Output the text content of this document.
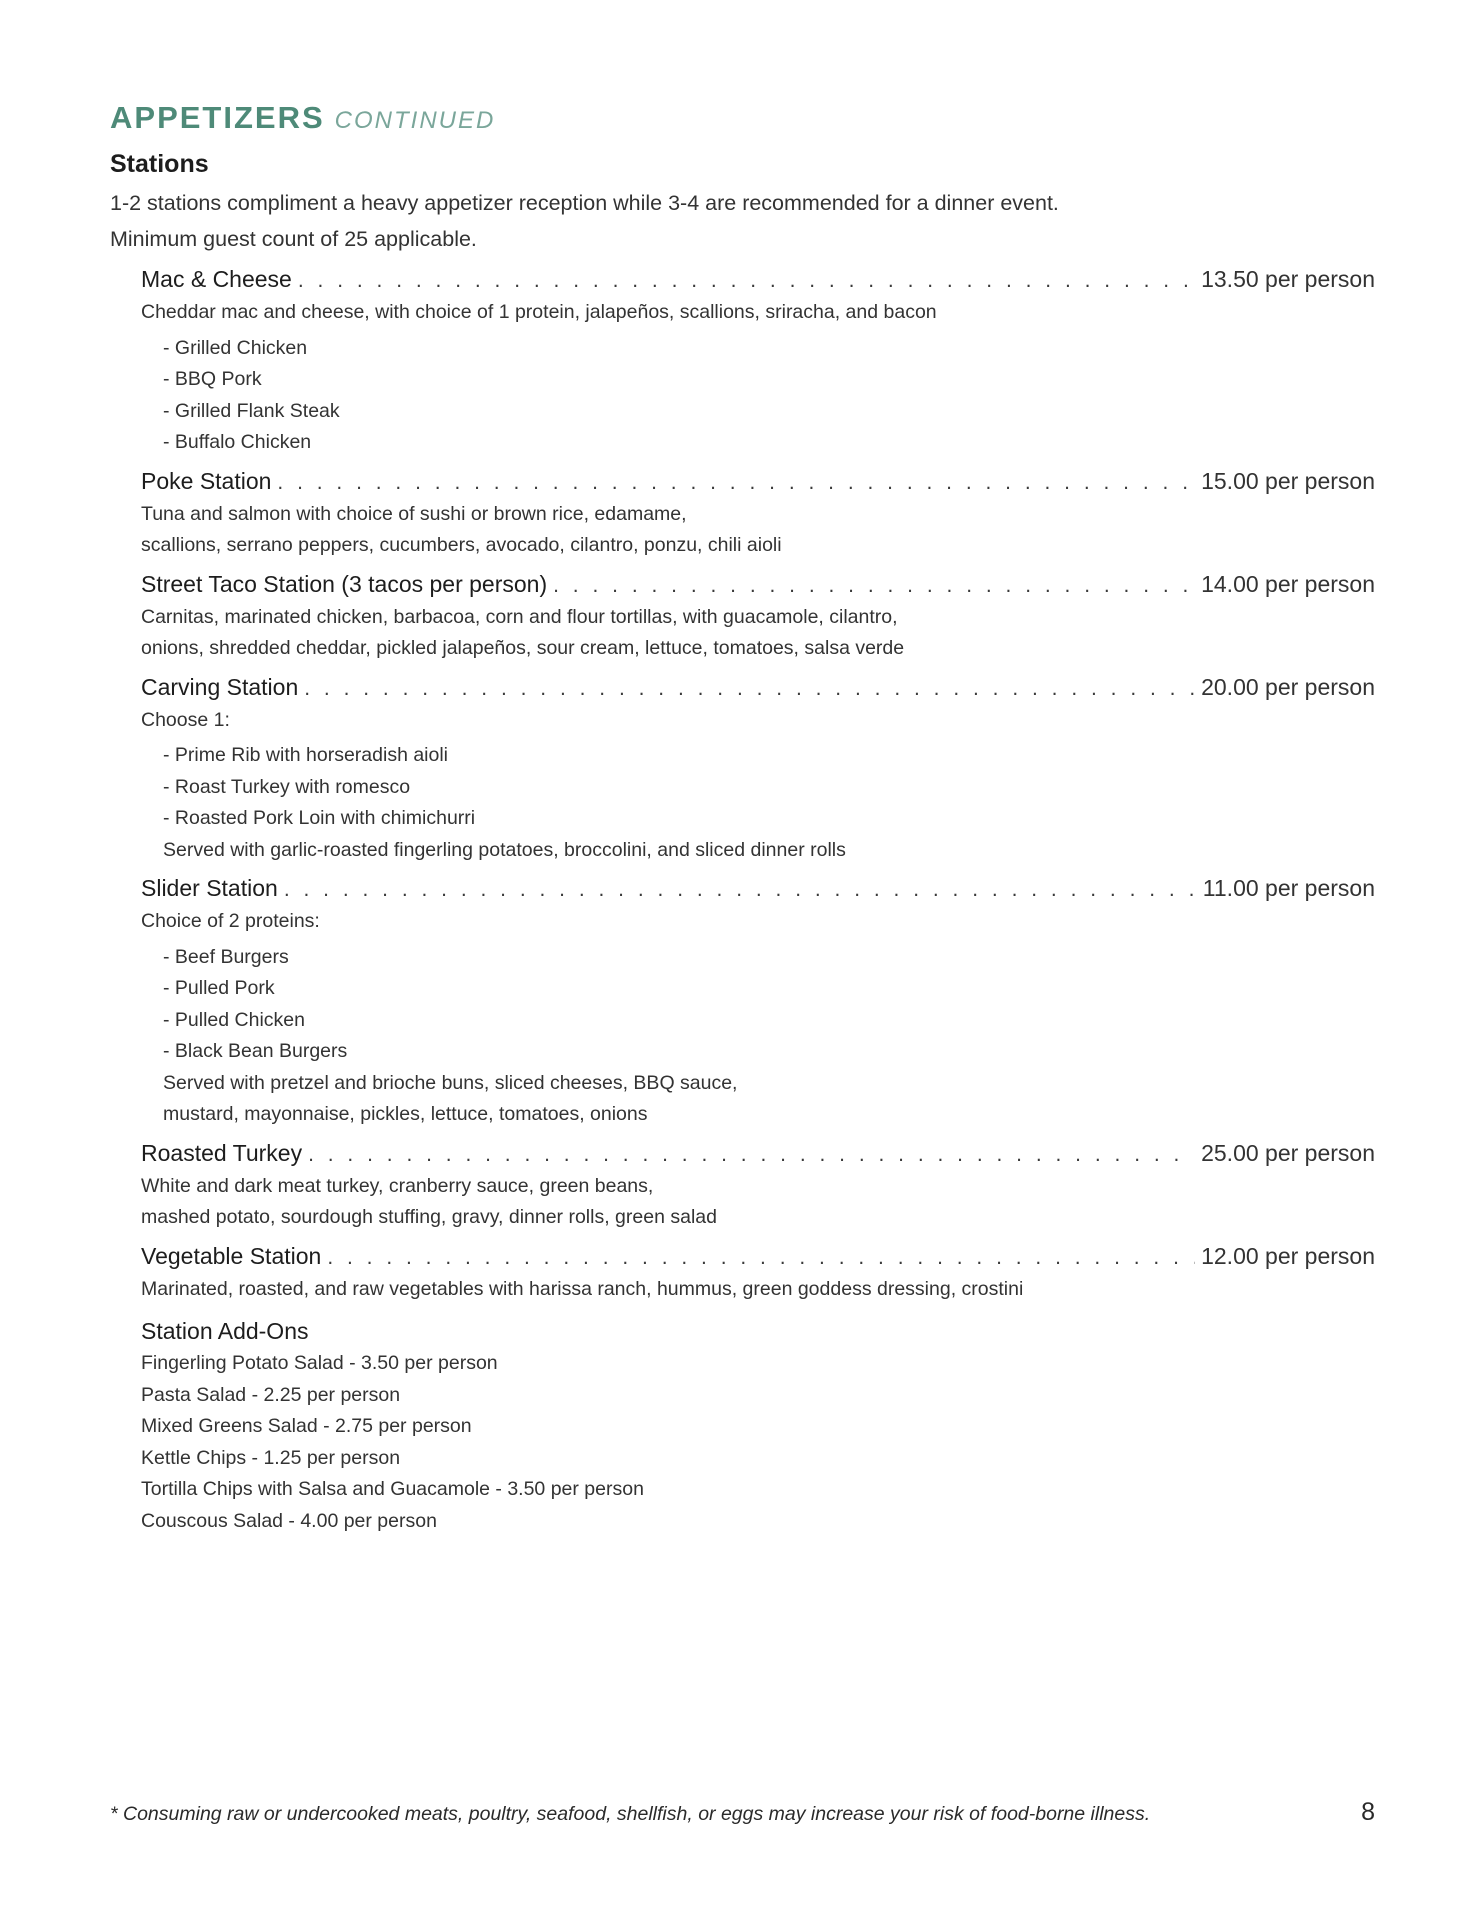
APPETIZERS CONTINUED
Stations
1-2 stations compliment a heavy appetizer reception while 3-4 are recommended for a dinner event.
Minimum guest count of 25 applicable.
Mac & Cheese . . .	13.50 per person
Cheddar mac and cheese, with choice of 1 protein, jalapeños, scallions, sriracha, and bacon
- Grilled Chicken
- BBQ Pork
- Grilled Flank Steak
- Buffalo Chicken
Poke Station . . .	15.00 per person
Tuna and salmon with choice of sushi or brown rice, edamame,
scallions, serrano peppers, cucumbers, avocado, cilantro, ponzu, chili aioli
Street Taco Station (3 tacos per person) . . .	14.00 per person
Carnitas, marinated chicken, barbacoa, corn and flour tortillas, with guacamole, cilantro,
onions, shredded cheddar, pickled jalapeños, sour cream, lettuce, tomatoes, salsa verde
Carving Station . . .	20.00 per person
Choose 1:
- Prime Rib with horseradish aioli
- Roast Turkey with romesco
- Roasted Pork Loin with chimichurri
Served with garlic-roasted fingerling potatoes, broccolini, and sliced dinner rolls
Slider Station . . .	11.00 per person
Choice of 2 proteins:
- Beef Burgers
- Pulled Pork
- Pulled Chicken
- Black Bean Burgers
Served with pretzel and brioche buns, sliced cheeses, BBQ sauce,
mustard, mayonnaise, pickles, lettuce, tomatoes, onions
Roasted Turkey . . .	25.00 per person
White and dark meat turkey, cranberry sauce, green beans,
mashed potato, sourdough stuffing, gravy, dinner rolls, green salad
Vegetable Station . . .	12.00 per person
Marinated, roasted, and raw vegetables with harissa ranch, hummus, green goddess dressing, crostini
Station Add-Ons
Fingerling Potato Salad - 3.50 per person
Pasta Salad - 2.25 per person
Mixed Greens Salad - 2.75 per person
Kettle Chips - 1.25 per person
Tortilla Chips with Salsa and Guacamole - 3.50 per person
Couscous Salad - 4.00 per person
* Consuming raw or undercooked meats, poultry, seafood, shellfish, or eggs may increase your risk of food-borne illness.	8
